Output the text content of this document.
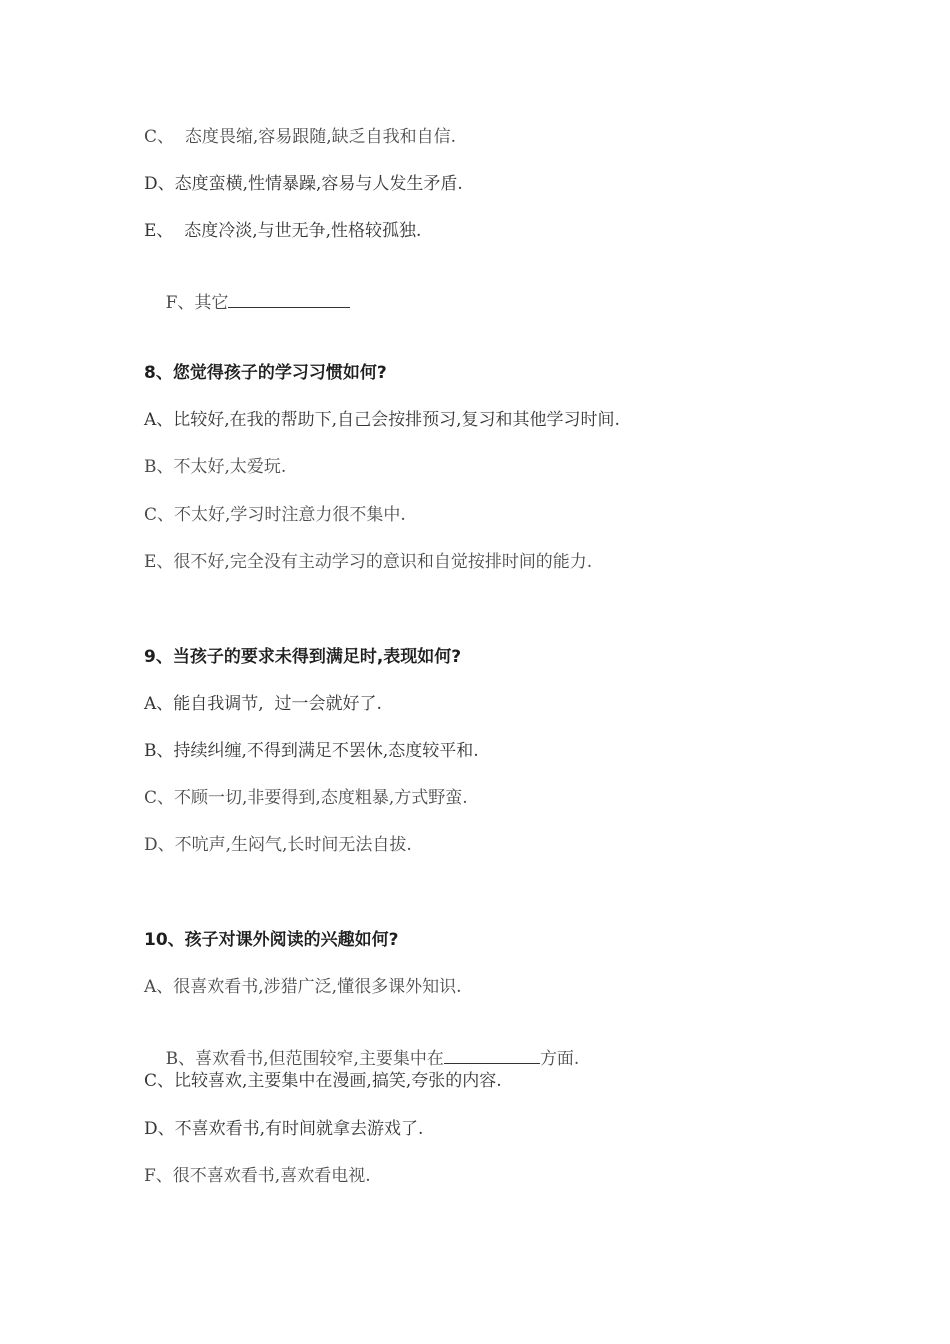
C、  态度畏缩,容易跟随,缺乏自我和自信.
D、态度蛮横,性情暴躁,容易与人发生矛盾.
E、  态度冷淡,与世无争,性格较孤独.

F、其它

8、您觉得孩子的学习习惯如何?
A、比较好,在我的帮助下,自己会按排预习,复习和其他学习时间.
B、不太好,太爱玩.
C、不太好,学习时注意力很不集中.
E、很不好,完全没有主动学习的意识和自觉按排时间的能力.
9、当孩子的要求未得到满足时,表现如何?
A、能自我调节,  过一会就好了.
B、持续纠缠,不得到满足不罢休,态度较平和.
C、不顾一切,非要得到,态度粗暴,方式野蛮.
D、不吭声,生闷气,长时间无法自拔.
10、孩子对课外阅读的兴趣如何?
A、很喜欢看书,涉猎广泛,懂很多课外知识.

B、喜欢看书,但范围较窄,主要集中在	方面.

C、比较喜欢,主要集中在漫画,搞笑,夸张的内容.
D、不喜欢看书,有时间就拿去游戏了.
F、很不喜欢看书,喜欢看电视.
